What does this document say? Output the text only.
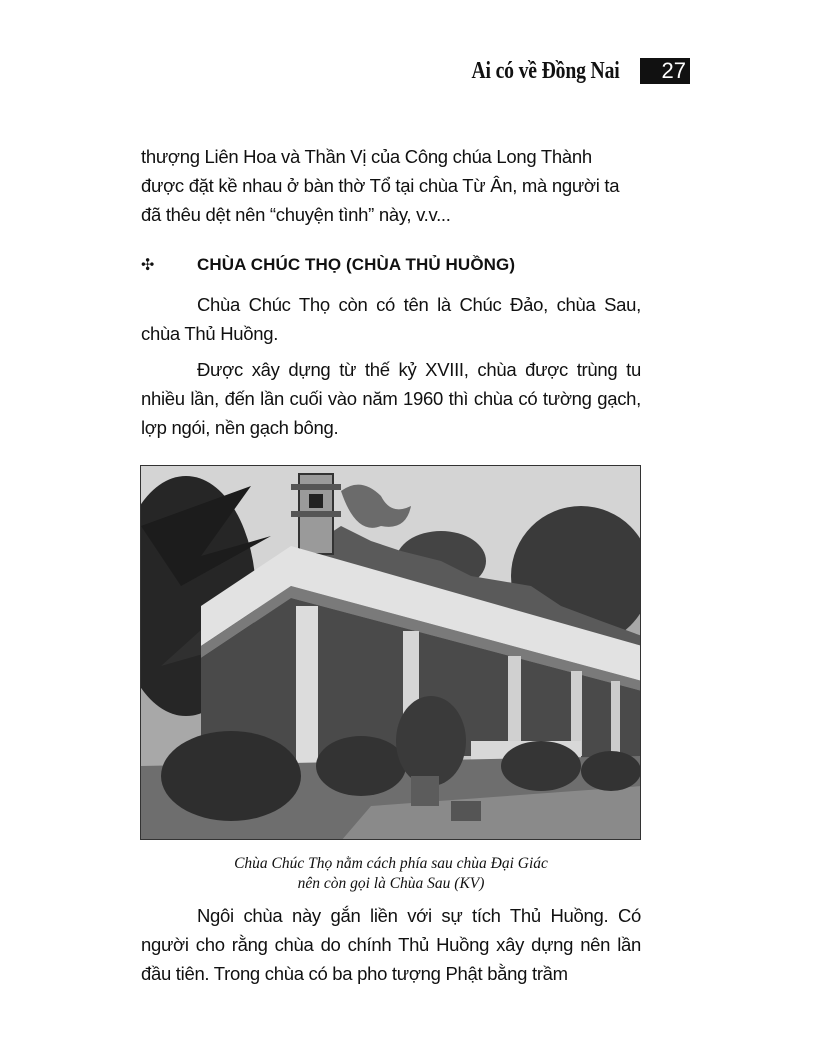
Ai có về Đồng Nai	27
thượng Liên Hoa và Thần Vị của Công chúa Long Thành
được đặt kề nhau ở bàn thờ Tổ tại chùa Từ Ân, mà người ta
đã thêu dệt nên “chuyện tình” này, v.v...
✣ CHÙA CHÚC THỌ (CHÙA THỦ HUỒNG)

Chùa Chúc Thọ còn có tên là Chúc Đảo, chùa Sau, chùa Thủ Huồng.

Được xây dựng từ thế kỷ XVIII, chùa được trùng tu nhiều lần, đến lần cuối vào năm 1960 thì chùa có tường gạch, lợp ngói, nền gạch bông.

Chùa Chúc Thọ nằm cách phía sau chùa Đại Giác
nên còn gọi là Chùa Sau (KV)

Ngôi chùa này gắn liền với sự tích Thủ Huồng. Có người cho rằng chùa do chính Thủ Huồng xây dựng nên lần đầu tiên. Trong chùa có ba pho tượng Phật bằng trầm
